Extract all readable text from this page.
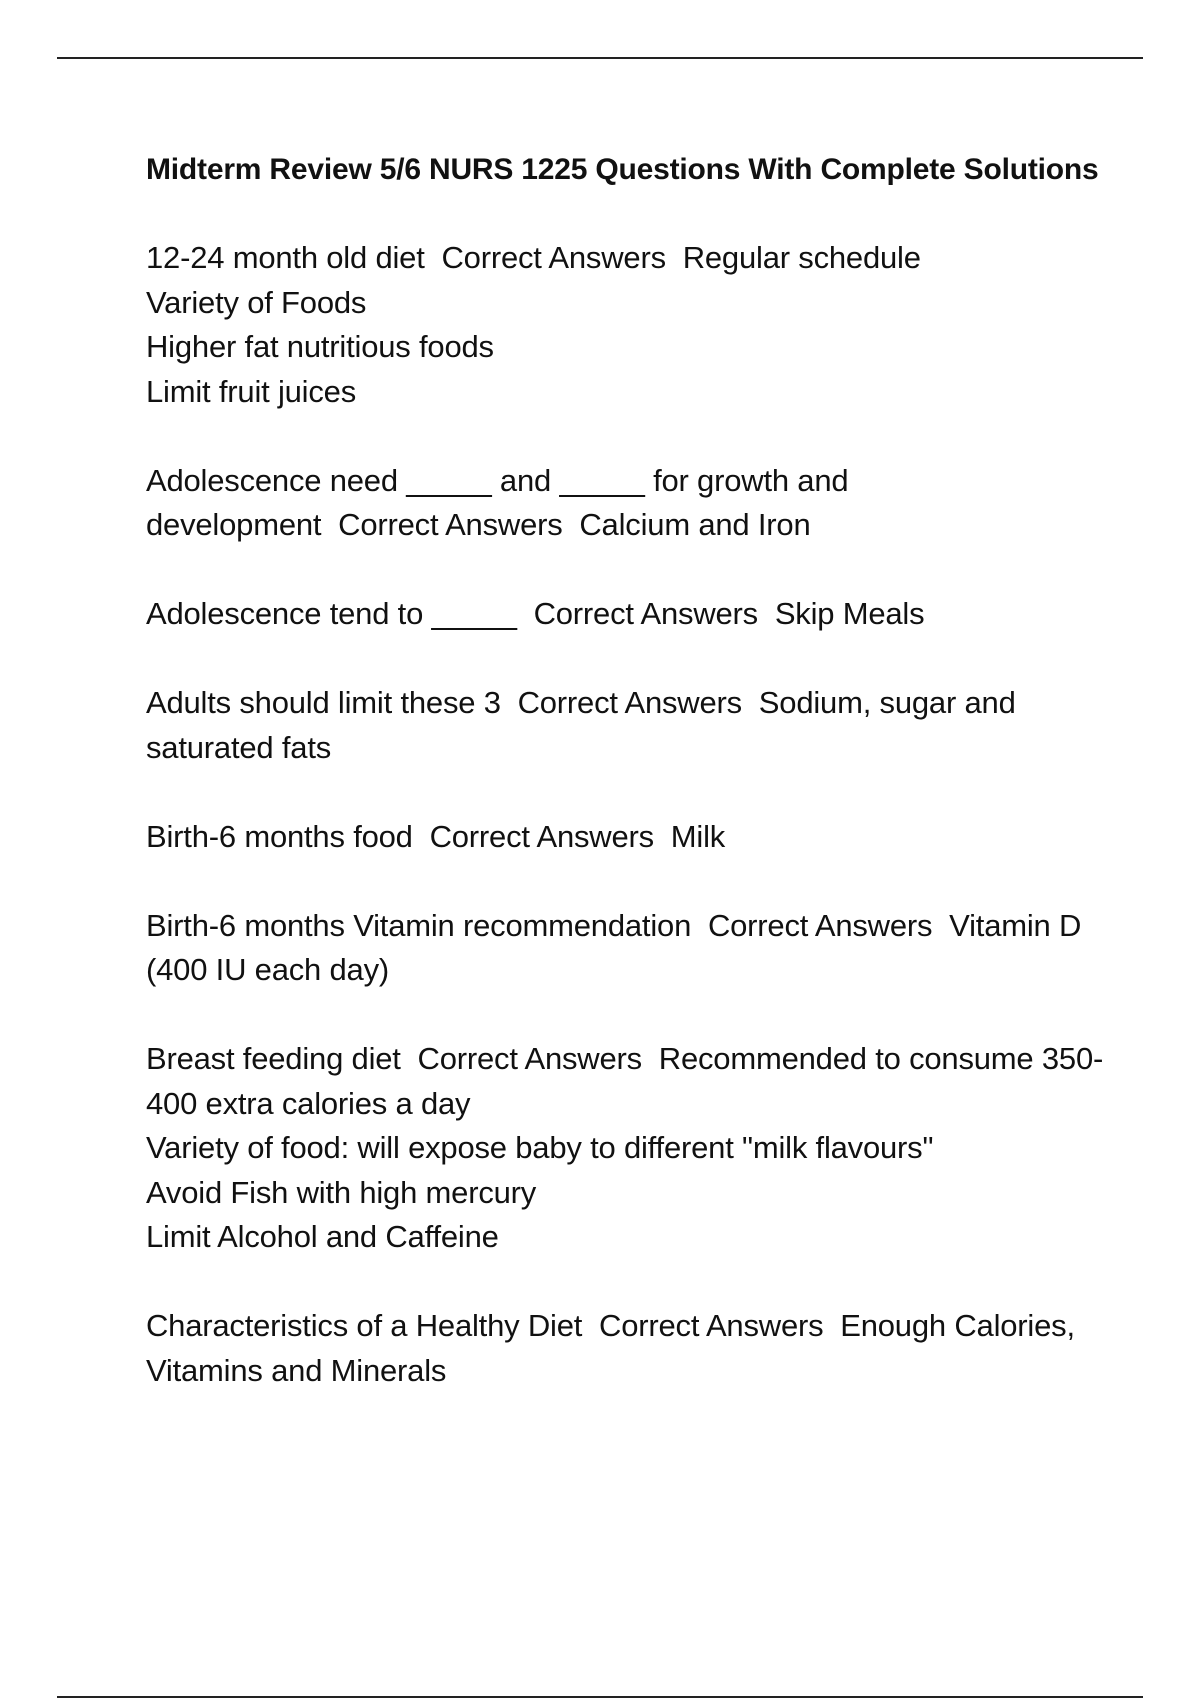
Midterm Review 5/6 NURS 1225 Questions With Complete Solutions
12-24 month old diet Correct Answers Regular schedule
Variety of Foods
Higher fat nutritious foods
Limit fruit juices
Adolescence need _____ and _____ for growth and development Correct Answers Calcium and Iron
Adolescence tend to _____ Correct Answers Skip Meals
Adults should limit these 3 Correct Answers Sodium, sugar and saturated fats
Birth-6 months food Correct Answers Milk
Birth-6 months Vitamin recommendation Correct Answers Vitamin D (400 IU each day)
Breast feeding diet Correct Answers Recommended to consume 350-400 extra calories a day
Variety of food: will expose baby to different "milk flavours"
Avoid Fish with high mercury
Limit Alcohol and Caffeine
Characteristics of a Healthy Diet Correct Answers Enough Calories, Vitamins and Minerals
